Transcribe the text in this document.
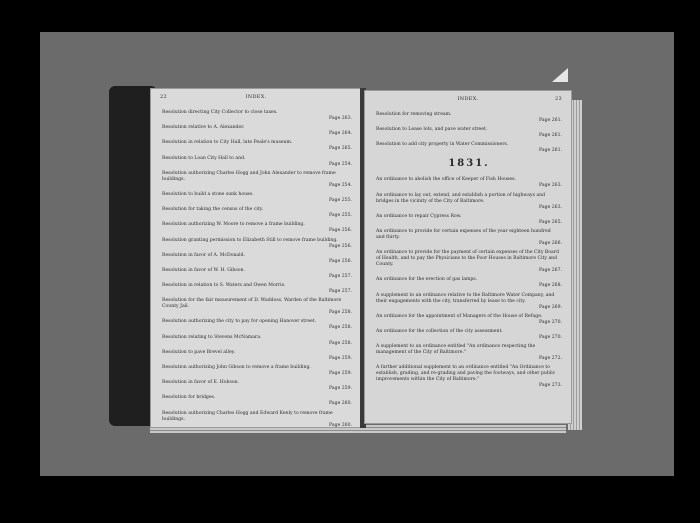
22	INDEX.
Resolution directing City Collector to close taxes.
Page 263.
Resolution relative to A. Alexander.
Page 264.
Resolution in relation to City Hall, late Peale's museum.
Page 265.
Resolution to Loan City Hall to and.
Page 254.
Resolution authorizing Charles Hogg and John Alexander to remove frame buildings.
Page 254.
Resolution to build a stone sunk house.
Page 255.
Resolution for taking the census of the city.
Page 255.
Resolution authorizing W. Moore to remove a frame building.
Page 256.
Resolution granting permission to Elizabeth Still to remove frame building.
Page 256.
Resolution in favor of A. McDonald.
Page 256.
Resolution in favor of W. H. Gibson.
Page 257.
Resolution in relation to S. Waters and Owen Morris.
Page 257.
Resolution for the fair measurement of D. Waddoss, Warden of the Baltimore County Jail.
Page 258.
Resolution authorizing the city to pay for opening Hanover street.
Page 258.
Resolution relating to Stevens McNamara.
Page 258.
Resolution to pave Brevel alley.
Page 259.
Resolution authorizing John Gibson to remove a frame building.
Page 259.
Resolution in favor of E. Hobson.
Page 259.
Resolution for bridges.
Page 260.
Resolution authorizing Charles Hogg and Edward Kenly to remove frame buildings.
Page 260.
INDEX.	23
Resolution for removing stream.
Page 261.
Resolution to Lease lots, and pave water street.
Page 261.
Resolution to add city property in Water Commissioners.
Page 261.
1831.
An ordinance to abolish the office of Keeper of Fish Houses.
Page 263.
An ordinance to lay out, extend, and establish a portion of highways and bridges in the vicinity of the City of Baltimore.
Page 263.
An ordinance to repair Cypress Row.
Page 265.
An ordinance to provide for certain expenses of the year eighteen hundred and thirty.
Page 266.
An ordinance to provide for the payment of certain expenses of the City Board of Health, and to pay the Physicians to the Poor Houses in Baltimore City and County.
Page 267.
An ordinance for the erection of gas lamps.
Page 268.
A supplement to an ordinance relative to the Baltimore Water Company, and their engagements with the city, transferred by lease to the city.
Page 269.
An ordinance for the appointment of Managers of the House of Refuge.
Page 270.
An ordinance for the collection of the city assessment.
Page 270.
A supplement to an ordinance entitled "An ordinance respecting the management of the City of Baltimore."
Page 272.
A further additional supplement to an ordinance entitled "An Ordinance to establish, grading, and re-grading and paving the footways, and other public improvements within the City of Baltimore."
Page 273.
